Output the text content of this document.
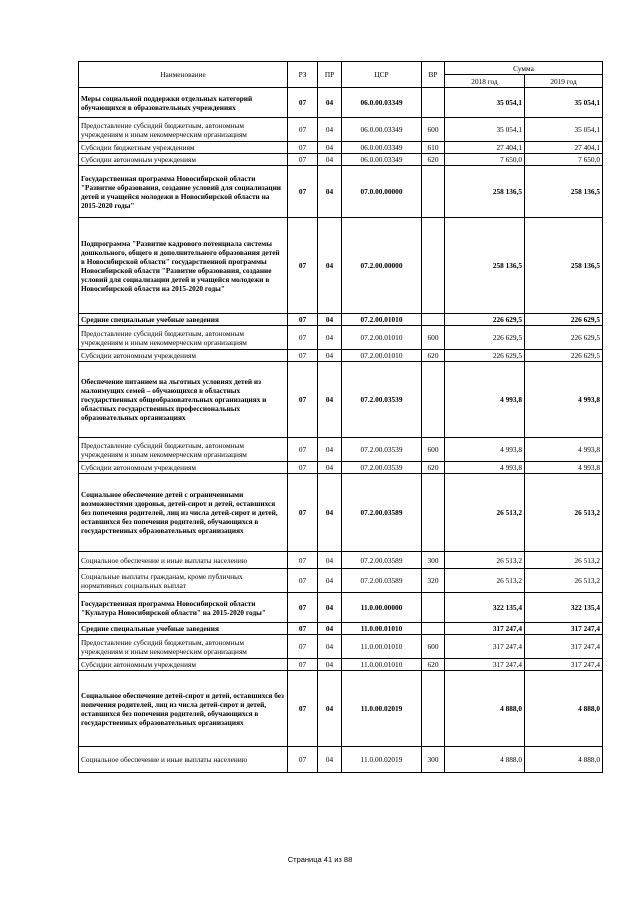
Наименование	РЗ	ПР	ЦСР	ВР	Сумма	
					2018 год	2019 год
Меры социальной поддержки отдельных категорий обучающихся в образовательных учреждениях	07	04	06.0.00.03349		35 054,1	35 054,1
Предоставление субсидий бюджетным, автономным учреждениям и иным некоммерческим организациям	07	04	06.0.00.03349	600	35 054,1	35 054,1
Субсидии бюджетным учреждениям	07	04	06.0.00.03349	610	27 404,1	27 404,1
Субсидии автономным учреждениям	07	04	06.0.00.03349	620	7 650,0	7 650,0
Государственная программа Новосибирской области "Развитие образования, создание условий для социализации детей и учащейся молодежи в Новосибирской области на 2015-2020 годы"	07	04	07.0.00.00000		258 136,5	258 136,5
Подпрограмма "Развитие кадрового потенциала системы дошкольного, общего и дополнительного образования детей в Новосибирской области" государственной программы Новосибирской области "Развитие образования, создание условий для социализации детей и учащейся молодежи в Новосибирской области на 2015-2020 годы"	07	04	07.2.00.00000		258 136,5	258 136,5
Средние специальные учебные заведения	07	04	07.2.00.01010		226 629,5	226 629,5
Предоставление субсидий бюджетным, автономным учреждениям и иным некоммерческим организациям	07	04	07.2.00.01010	600	226 629,5	226 629,5
Субсидии автономным учреждениям	07	04	07.2.00.01010	620	226 629,5	226 629,5
Обеспечение питанием на льготных условиях детей из малоимущих семей – обучающихся в областных государственных общеобразовательных организациях и областных государственных профессиональных образовательных организациях	07	04	07.2.00.03539		4 993,8	4 993,8
Предоставление субсидий бюджетным, автономным учреждениям и иным некоммерческим организациям	07	04	07.2.00.03539	600	4 993,8	4 993,8
Субсидии автономным учреждениям	07	04	07.2.00.03539	620	4 993,8	4 993,8
Социальное обеспечение детей с ограниченными возможностями здоровья, детей-сирот и детей, оставшихся без попечения родителей, лиц из числа детей-сирот и детей, оставшихся без попечения родителей, обучающихся в государственных образовательных организациях	07	04	07.2.00.03589		26 513,2	26 513,2
Социальное обеспечение и иные выплаты населению	07	04	07.2.00.03589	300	26 513,2	26 513,2
Социальные выплаты гражданам, кроме публичных нормативных социальных выплат	07	04	07.2.00.03589	320	26 513,2	26 513,2
Государственная программа Новосибирской области "Культура Новосибирской области" на 2015-2020 годы"	07	04	11.0.00.00000		322 135,4	322 135,4
Средние специальные учебные заведения	07	04	11.0.00.01010		317 247,4	317 247,4
Предоставление субсидий бюджетным, автономным учреждениям и иным некоммерческим организациям	07	04	11.0.00.01010	600	317 247,4	317 247,4
Субсидии автономным учреждениям	07	04	11.0.00.01010	620	317 247,4	317 247,4
Социальное обеспечение детей-сирот и детей, оставшихся без попечения родителей, лиц из числа детей-сирот и детей, оставшихся без попечения родителей, обучающихся в государственных образовательных организациях	07	04	11.0.00.02019		4 888,0	4 888,0
Социальное обеспечение и иные выплаты населению	07	04	11.0.00.02019	300	4 888,0	4 888,0
Страница 41 из 88
